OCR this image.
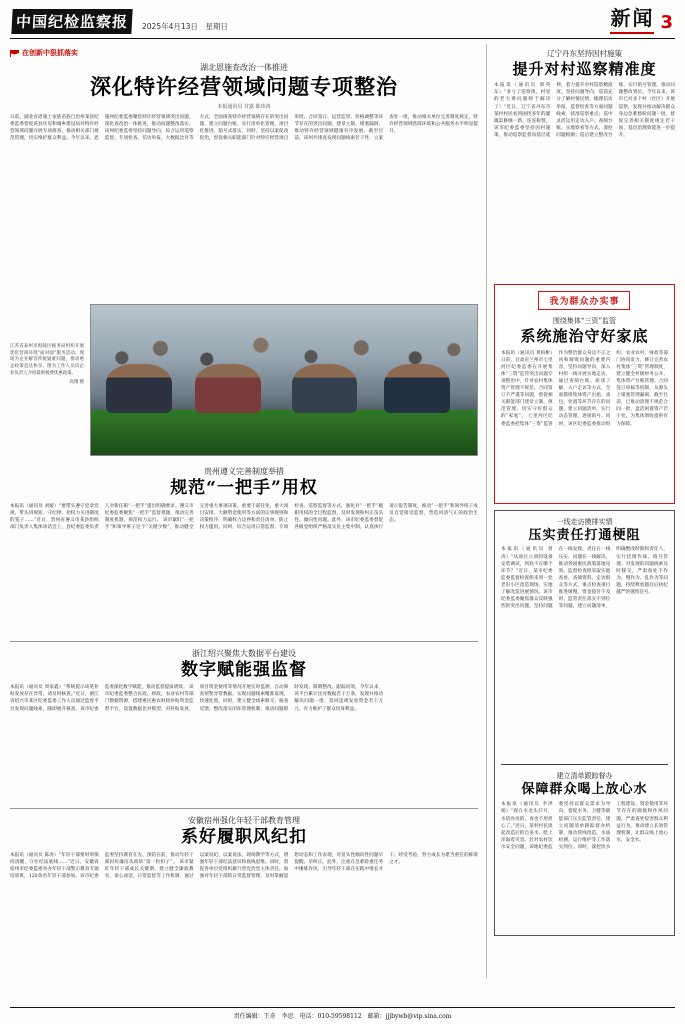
中国纪检监察报	2025年4月13日　星期日	新闻 3
在创新中狠抓落实
湖北恩施查改治一体推进
深化特许经营领域问题专项整治
本报通讯员 甘露 陈玮涛
日前，湖北省恩施土家族苗族自治州某县纪委监委督促该县住房和城乡建设局对特许经营领域问题开展专项排查，推动相关部门规范管理，切实维护群众利益。今年以来，恩施州纪委监委聚焦特许经营领域突出问题，深化查改治一体推进，推动问题整改落实。该州纪委监委坚持问题导向，综合运用巡察监督、专项检查、信访举报、大数据比对等方式，全面排查特许经营领域存在的突出问题，建立问题台账，实行清单化管理、项目化推进、销号式落实。同时，坚持以案促改促治，督促相关职能部门针对特许经营项目审批、合同签订、运营监管、价格调整等环节存在的突出问题，建章立制、堵塞漏洞，推动特许经营领域健康有序发展。截至目前，该州共排查发现问题线索若干件，立案查处一批，推动相关单位完善制度规定，特许经营领域营商环境和公共服务水平明显提升。
江苏省泰州市海陵区税务局组织开展优化营商环境“面对面”服务活动，现场为企业解答涉税疑难问题，推动惠企政策直达快享。图为工作人员向企业负责人介绍最新税费优惠政策。
高翔 摄
贵州遵义完善制度举措
规范“一把手”用权
本报讯（通讯员 刘媛）“要带头遵守党章党规，带头讲规矩、守纪律，把权力关进制度的笼子……”近日，贵州省遵义市某县组织部门负责人集体谈话会上，县纪委监委负责人对新任职“一把手”提出明确要求。遵义市纪委监委聚焦“一把手”监督难题，推动完善制度机制，规范权力运行。 该市紧盯“一把手”和领导班子这个“关键少数”，推动健全完善重大事项决策、重要干部任免、重大项目安排、大额资金使用等方面的议事规则和决策程序，明确权力边界和责任清单，防止权力滥用。同时，综合运用日常监督、专项检查、巡察监督等方式，强化对“一把手”履职用权的全过程监督，及时发现和纠正苗头性、倾向性问题。此外，该市纪委监委督促各级党组织严格落实民主集中制，认真执行请示报告制度，推动“一把手”和领导班子成员自觉接受监督，营造风清气正的政治生态。
浙江绍兴聚焦大数据平台建设
数字赋能强监督
本报讯（通讯员 周家鑫）“系统提示该笔补贴发放存在异常，请及时核查。”近日，浙江省绍兴市某区纪委监委工作人员通过监督平台发现问题线索，随即展开核查。该市纪委监委深化数字赋能，推动监督提质增效。 该市纪委监委整合民政、财政、农业农村等部门数据资源，搭建惠民惠农财政补贴资金监督平台，设置数据比对模型，对补贴发放、项目资金使用等情况开展实时监测，自动筛查预警异常数据，实现问题线索精准发现、快速处置。同时，建立健全线索移交、核查反馈、整改落实闭环管理机制，推动问题即时发现、限期整改、跟踪问效。今年以来，该平台累计比对数据若干万条，发现并推动解决问题一批，追回违规发放资金若干万元，有力维护了群众切身利益。
安徽宿州强化年轻干部教育管理
系好履职风纪扣
本报讯（通讯员 陈涛）“年轻干部要时刻保持清醒，守住纪法底线……”近日，安徽省宿州市纪委监委举办年轻干部警示教育专题培训班，120余名年轻干部参加。该市纪委监委坚持教育在先、预防在前，推动年轻干部扣好廉洁从政的“第一粒扣子”。 该市紧盯年轻干部成长关键期，建立健全廉政教育、谈心谈话、日常监督等工作机制，通过以案说纪、以案说法、现场教学等方式，增强年轻干部纪法意识和底线思维。同时，督促各单位党组织履行管党治党主体责任，加强对年轻干部的日常监督管理，及时掌握思想动态和工作表现，对苗头性倾向性问题早提醒、早纠正。此外，注重在急难险重任务中锤炼作风，引导年轻干部在实践中增长才干、经受考验，努力成长为堪当重任的栋梁之才。
辽宁丹东坚持因村施策
提升对村巡察精准度
本报讯（通讯员 郭英东）“多亏了巡察组，村里的老大难问题终于解决了！”近日，辽宁省丹东市某村村民看到困扰多年的灌溉渠修缮一新，连连称赞。该市纪委监委坚持因村施策，推动巡察监督向基层延伸，着力提升对村巡察精准度。坚持问题导向，巡前充分了解村情民情，梳理信访举报、监督检查等方面问题线索，找准巡察重点；巡中灵活运用走访入户、查阅台账、实地察看等方式，深挖问题根源；巡后建立整改台账，实行销号管理，推动问题整改到位。今年以来，该市已对多个村（社区）开展巡察，发现并推动解决群众身边急难愁盼问题一批，督促完善相关制度规定若干项，基层治理效能进一步提升。
我为群众办实事
围绕集体“三资”监管
系统施治守好家底
本报讯（通讯员 黄柏彬）日前，甘肃省兰州市七里河区纪委监委在开展集体“三资”监管突出问题专项整治中，针对农村集体资产管理不规范、合同签订不严谨等问题，督促相关职能部门建章立制、规范管理，切实守好群众的“家底”。 七里河区纪委监委把集体“三资”监管作为整治群众身边不正之风和腐败问题的重要内容，坚持问题导向，深入村组一线开展实地走访，通过查阅台账、座谈了解、入户走访等方式，全面摸排集体资产出租、承包、处置等环节存在的问题，建立问题清单，实行动态管理、逐项销号。同时，该区纪委监委推动组织、农业农村、财政等部门协同发力，修订完善农村集体“三资”管理制度，建立健全村级财务公开、集体资产台账管理、合同签订审核等机制，从源头上堵塞管理漏洞。截至目前，已推动清理不规范合同一批，盘活闲置资产若干处，为集体增收提供有力保障。
一线走访摸排实情
压实责任打通梗阻
本报讯（通讯员 曾涛）“从项目立项到设备安装调试，到底卡在哪个环节？”近日，某市纪委监委监督检查组来到一处老旧小区改造现场，实地了解改造进展情况。该市纪委监委聚焦群众反映强烈的突出问题，坚持问题在一线发现、责任在一线压实、问题在一线解决，推动各项惠民政策落地见效。监督检查组采取实地查看、查阅资料、走访群众等方式，重点检查项目推进缓慢、资金拨付不及时、监管责任落实不到位等问题，建立问题清单，明确整改时限和责任人，实行挂图作战、销号管理。对发现的问题线索及时移交，严肃查处不作为、慢作为、乱作为等问题，持续释放越往后执纪越严的强烈信号。
建立清单跟踪督办
保障群众喝上放心水
本报讯（通讯员 李洪娟）“现在水龙头拧开，水清亮亮的，再也不用担心了。”近日，某村村民谈起改造后的自来水，脸上洋溢着笑容。针对农村饮水安全问题，该地纪委监委坚持以群众需求为导向，督促水务、卫健等职能部门压实监管责任，建立问题清单跟踪督办机制，推动管网改造、水质检测、运行维护等工作落实到位。同时，深挖饮水工程建设、资金使用等环节存在的腐败和作风问题，严肃查处侵害群众利益行为，推动建立长效管理机制，让群众喝上放心水、安全水。
责任编辑：王奇　李思　电话：010-59598112　邮箱：jjjbywb@vip.sina.com
